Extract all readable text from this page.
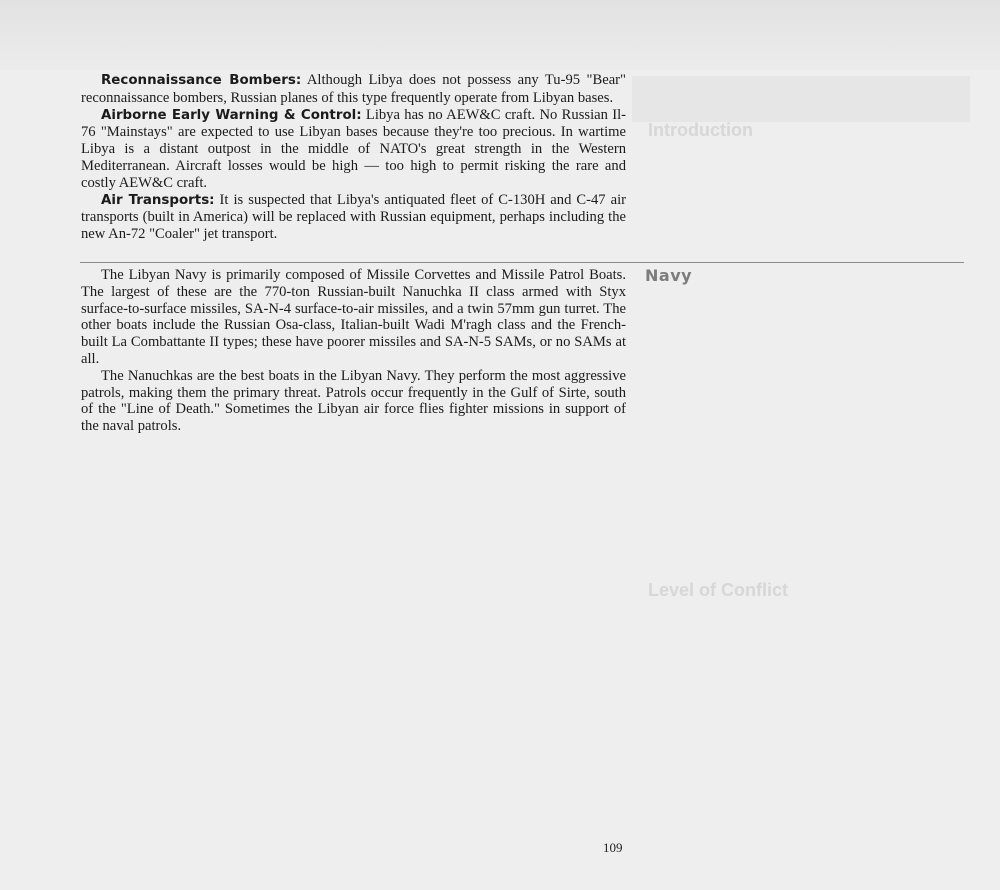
Introduction
Level of Conflict

Reconnaissance Bombers: Although Libya does not possess any Tu-95 "Bear" reconnaissance bombers, Russian planes of this type frequently operate from Libyan bases.

Airborne Early Warning & Control: Libya has no AEW&C craft. No Russian Il-76 "Mainstays" are expected to use Libyan bases because they're too precious. In wartime Libya is a distant outpost in the middle of NATO's great strength in the Western Mediterranean. Aircraft losses would be high — too high to permit risking the rare and costly AEW&C craft.

Air Transports: It is suspected that Libya's antiquated fleet of C-130H and C-47 air transports (built in America) will be replaced with Russian equipment, perhaps including the new An-72 "Coaler" jet transport.

Navy

The Libyan Navy is primarily composed of Missile Corvettes and Missile Patrol Boats. The largest of these are the 770-ton Russian-built Nanuchka II class armed with Styx surface-to-surface missiles, SA-N-4 surface-to-air missiles, and a twin 57mm gun turret. The other boats include the Russian Osa-class, Italian-built Wadi M'ragh class and the French-built La Combattante II types; these have poorer missiles and SA-N-5 SAMs, or no SAMs at all.

The Nanuchkas are the best boats in the Libyan Navy. They perform the most aggressive patrols, making them the primary threat. Patrols occur frequently in the Gulf of Sirte, south of the "Line of Death." Sometimes the Libyan air force flies fighter missions in support of the naval patrols.

109
